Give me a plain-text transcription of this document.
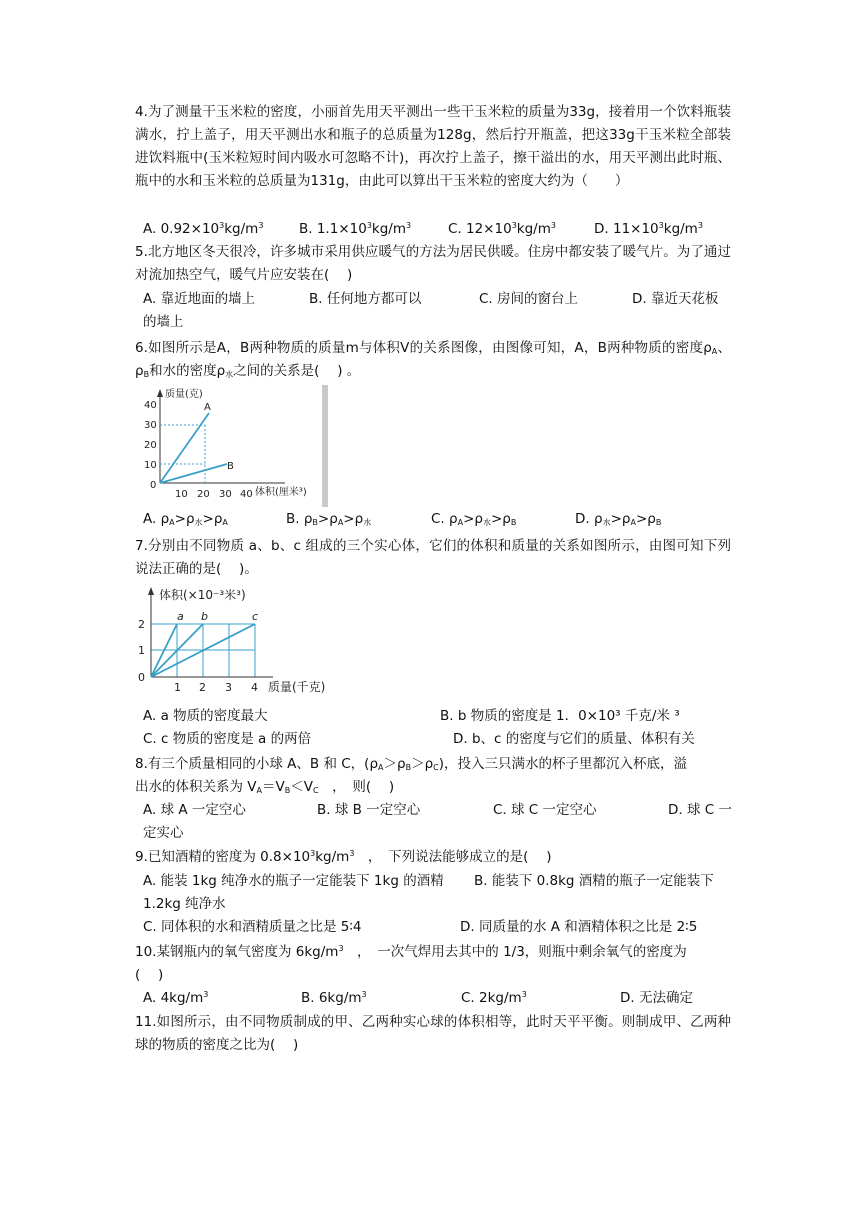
4.为了测量干玉米粒的密度，小丽首先用天平测出一些干玉米粒的质量为33g，接着用一个饮料瓶装满水，拧上盖子，用天平测出水和瓶子的总质量为128g，然后拧开瓶盖，把这33g干玉米粒全部装进饮料瓶中(玉米粒短时间内吸水可忽略不计)，再次拧上盖子，擦干溢出的水，用天平测出此时瓶、瓶中的水和玉米粒的总质量为131g，由此可以算出干玉米粒的密度大约为（　　）
A. $0.92\times 10^3kg/m^3$	B. $1.1\times 10^3kg/m^3$	C. $12\times 10^3kg/m^3$	D. $11\times 10^3kg/m^3$
5.北方地区冬天很冷，许多城市采用供应暖气的方法为居民供暖。住房中都安装了暖气片。为了通过对流加热空气，暖气片应安装在(　 )
A. 靠近地面的墙上	B. 任何地方都可以	C. 房间的窗台上	D. 靠近天花板
的墙上
6.如图所示是A，B两种物质的质量m与体积V的关系图像，由图像可知，A，B两种物质的密度$\rho_A$、$\rho_B$和水的密度$\rho_水$之间的关系是(　 ) 。
40
30
20
10
0
10 20 30 40
质量(克)
体积(厘米³)
A
B
A. $\rho_A>\rho_水>\rho_A$	B. $\rho_B>\rho_A>\rho_水$	C. $\rho_A>\rho_水>\rho_B$	D. $\rho_水>\rho_A>\rho_B$
7.分别由不同物质 a、b、c 组成的三个实心体，它们的体积和质量的关系如图所示，由图可知下列说法正确的是(　 )。
2
1
0
1 2 3 4
体积(×10⁻³米³)
质量(千克)
a b	c
A. a 物质的密度最大	B. b 物质的密度是 1．0×10³ 千克/米 ³
C. c 物质的密度是 a 的两倍	D. b、c 的密度与它们的质量、体积有关
8.有三个质量相同的小球 A、B 和 C，$(\rho_A>\rho_B>\rho_C)$，投入三只满水的杯子里都沉入杯底，溢
出水的体积关系为 $V_A=V_B<V_C$　，　则(　 )
A. 球 A 一定空心	B. 球 B 一定空心	C. 球 C 一定空心	D. 球 C 一
定实心
9.已知酒精的密度为 $0.8\times 10^3kg/m^3$　，　下列说法能够成立的是(　 )
A. 能装 1kg 纯净水的瓶子一定能装下 1kg 的酒精 B. 能装下 0.8kg 酒精的瓶子一定能装下
1.2kg 纯净水
C. 同体积的水和酒精质量之比是 5∶4	D. 同质量的水 A 和酒精体积之比是 2∶5
10.某钢瓶内的氧气密度为 $6kg/m^3$　，　一次气焊用去其中的 1/3，则瓶中剩余氧气的密度为
(　 )
A. $4kg/m^3$	B. $6kg/m^3$	C. $2kg/m^3$	D. 无法确定
11.如图所示，由不同物质制成的甲、乙两种实心球的体积相等，此时天平平衡。则制成甲、乙两种球的物质的密度之比为(　 )
